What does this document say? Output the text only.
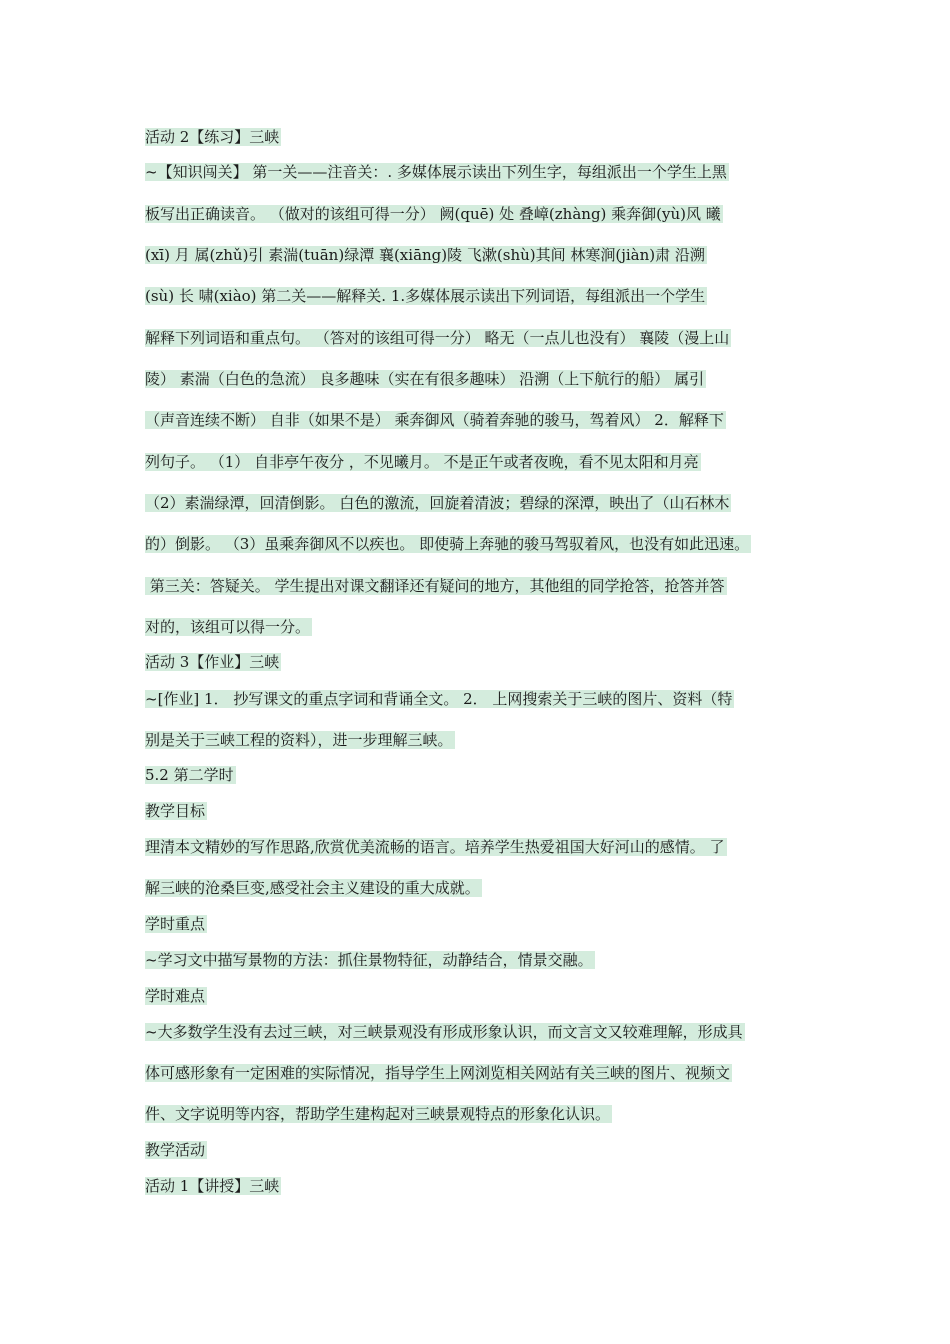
活动 2【练习】三峡

~【知识闯关】 第一关——注音关：. 多媒体展示读出下列生字，每组派出一个学生上黑

板写出正确读音。 （做对的该组可得一分） 阙(quē) 处 叠嶂(zhàng) 乘奔御(yù)风 曦

(xī) 月 属(zhǔ)引 素湍(tuān)绿潭 襄(xiāng)陵 飞漱(shù)其间 林寒涧(jiàn)肃 沿溯

(sù) 长 啸(xiào) 第二关——解释关. 1.多媒体展示读出下列词语，每组派出一个学生

解释下列词语和重点句。 （答对的该组可得一分） 略无（一点儿也没有） 襄陵（漫上山

陵） 素湍（白色的急流） 良多趣味（实在有很多趣味） 沿溯（上下航行的船） 属引

（声音连续不断） 自非（如果不是） 乘奔御风（骑着奔驰的骏马，驾着风） 2．解释下

列句子。 （1） 自非亭午夜分 ，不见曦月。 不是正午或者夜晚，看不见太阳和月亮

（2）素湍绿潭，回清倒影。 白色的激流，回旋着清波；碧绿的深潭，映出了（山石林木

的）倒影。 （3）虽乘奔御风不以疾也。 即使骑上奔驰的骏马驾驭着风，也没有如此迅速。

第三关：答疑关。 学生提出对课文翻译还有疑问的地方，其他组的同学抢答，抢答并答

对的，该组可以得一分。

活动 3【作业】三峡

~[作业] 1． 抄写课文的重点字词和背诵全文。 2． 上网搜索关于三峡的图片、资料（特

别是关于三峡工程的资料），进一步理解三峡。

5.2 第二学时

教学目标

理清本文精妙的写作思路,欣赏优美流畅的语言。培养学生热爱祖国大好河山的感情。 了

解三峡的沧桑巨变,感受社会主义建设的重大成就。

学时重点

~学习文中描写景物的方法：抓住景物特征，动静结合，情景交融。

学时难点

~大多数学生没有去过三峡，对三峡景观没有形成形象认识，而文言文又较难理解，形成具

体可感形象有一定困难的实际情况，指导学生上网浏览相关网站有关三峡的图片、视频文

件、文字说明等内容，帮助学生建构起对三峡景观特点的形象化认识。

教学活动

活动 1【讲授】三峡
